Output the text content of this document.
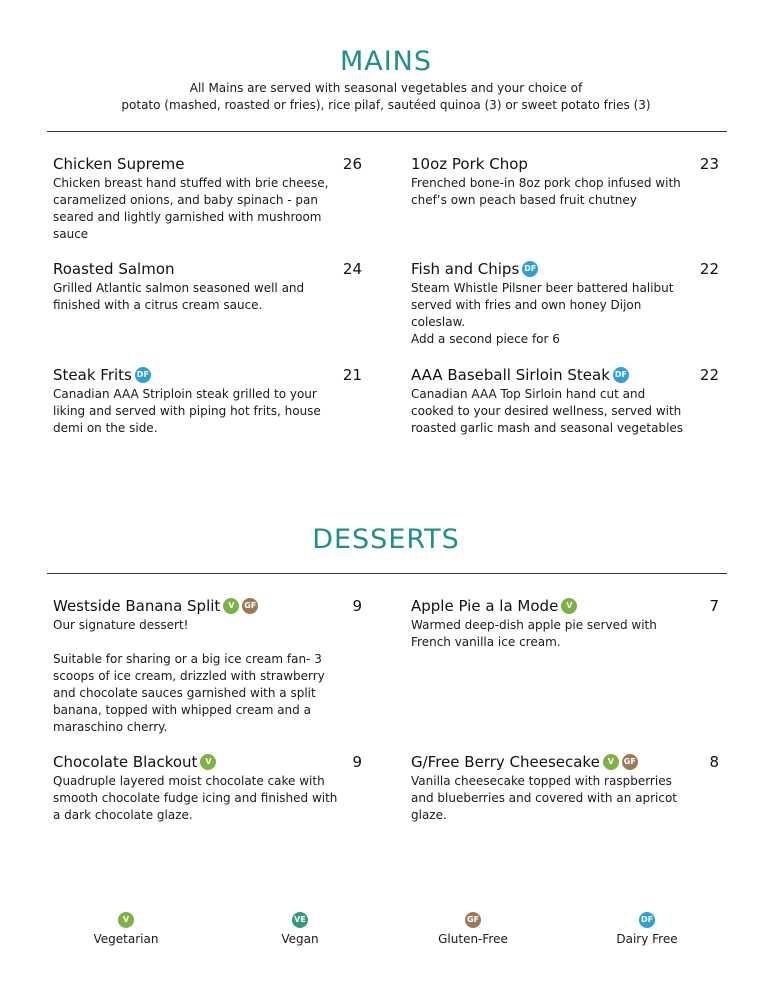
MAINS
All Mains are served with seasonal vegetables and your choice of
potato (mashed, roasted or fries), rice pilaf, sautéed quinoa (3) or sweet potato fries (3)
Chicken Supreme
Chicken breast hand stuffed with brie cheese,
caramelized onions, and baby spinach - pan
seared and lightly garnished with mushroom
sauce
26	10oz Pork Chop
Frenched bone-in 8oz pork chop infused with
chef’s own peach based fruit chutney
23
Roasted Salmon
Grilled Atlantic salmon seasoned well and
finished with a citrus cream sauce.
24	Fish and Chips DF
Steam Whistle Pilsner beer battered halibut
served with fries and own honey Dijon
coleslaw.
Add a second piece for 6
22
Steak Frits DF
Canadian AAA Striploin steak grilled to your
liking and served with piping hot frits, house
demi on the side.
21	AAA Baseball Sirloin Steak DF
Canadian AAA Top Sirloin hand cut and
cooked to your desired wellness, served with
roasted garlic mash and seasonal vegetables
22
DESSERTS
Westside Banana Split V GF
Our signature dessert!

Suitable for sharing or a big ice cream fan- 3
scoops of ice cream, drizzled with strawberry
and chocolate sauces garnished with a split
banana, topped with whipped cream and a
maraschino cherry.
9	Apple Pie a la Mode V
Warmed deep-dish apple pie served with
French vanilla ice cream.
7
Chocolate Blackout V
Quadruple layered moist chocolate cake with
smooth chocolate fudge icing and finished with
a dark chocolate glaze.
9	G/Free Berry Cheesecake V GF
Vanilla cheesecake topped with raspberries
and blueberries and covered with an apricot
glaze.
8
V
Vegetarian
VE
Vegan
GF
Gluten-Free
DF
Dairy Free
